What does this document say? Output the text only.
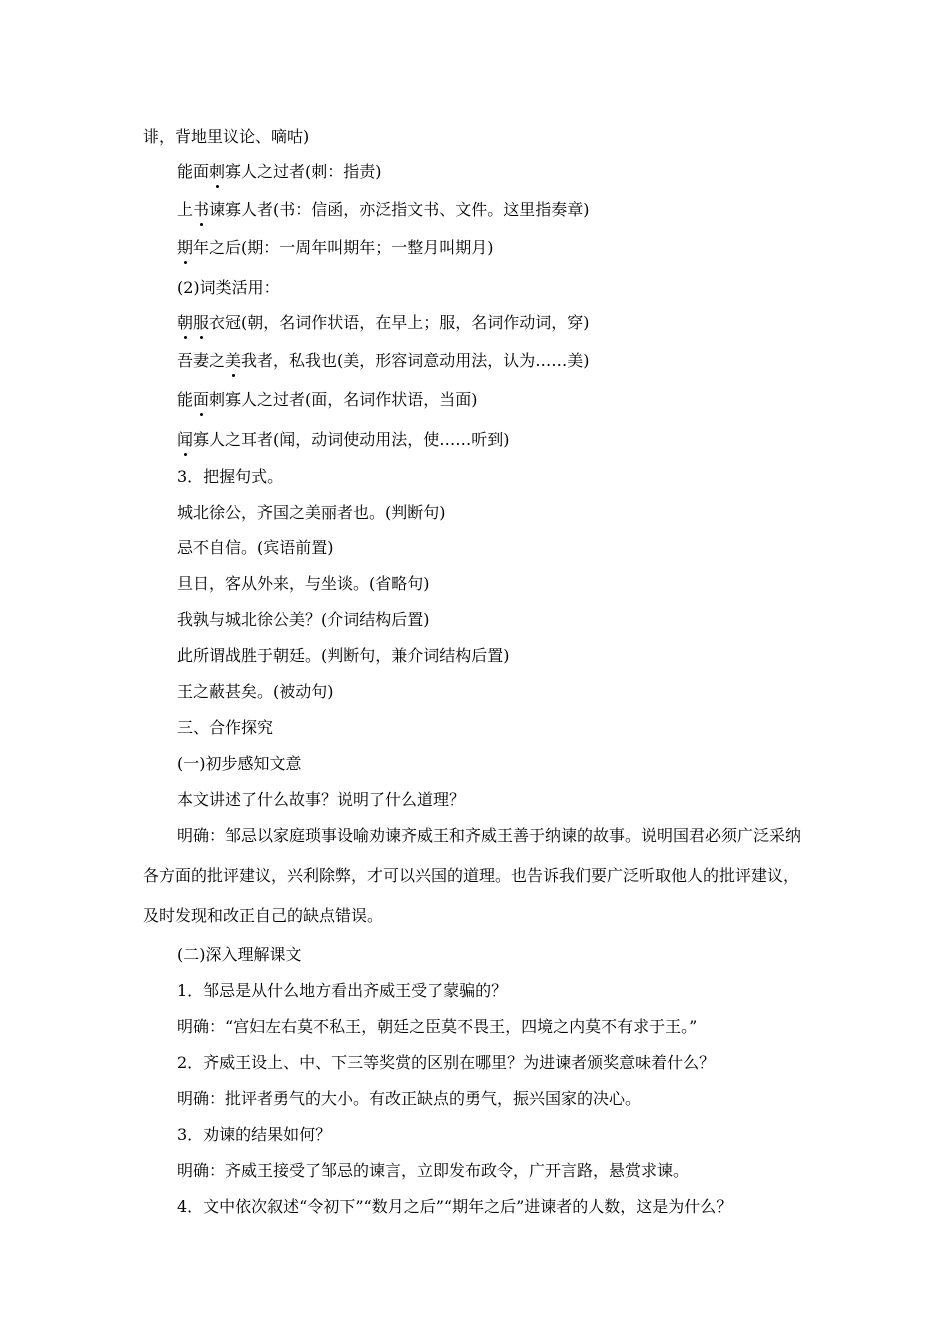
诽，背地里议论、嘀咕)
能面刺寡人之过者(刺：指责)
上书谏寡人者(书：信函，亦泛指文书、文件。这里指奏章)
期年之后(期：一周年叫期年；一整月叫期月)
(2)词类活用：
朝服衣冠(朝，名词作状语，在早上；服，名词作动词，穿)
吾妻之美我者，私我也(美，形容词意动用法，认为……美)
能面刺寡人之过者(面，名词作状语，当面)
闻寡人之耳者(闻，动词使动用法，使……听到)
3．把握句式。
城北徐公，齐国之美丽者也。(判断句)
忌不自信。(宾语前置)
旦日，客从外来，与坐谈。(省略句)
我孰与城北徐公美？(介词结构后置)
此所谓战胜于朝廷。(判断句，兼介词结构后置)
王之蔽甚矣。(被动句)
三、合作探究
(一)初步感知文意
本文讲述了什么故事？说明了什么道理？
明确：邹忌以家庭琐事设喻劝谏齐威王和齐威王善于纳谏的故事。说明国君必须广泛采纳各方面的批评建议，兴利除弊，才可以兴国的道理。也告诉我们要广泛听取他人的批评建议，及时发现和改正自己的缺点错误。
(二)深入理解课文
1．邹忌是从什么地方看出齐威王受了蒙骗的？
明确：“宫妇左右莫不私王，朝廷之臣莫不畏王，四境之内莫不有求于王。”
2．齐威王设上、中、下三等奖赏的区别在哪里？为进谏者颁奖意味着什么？
明确：批评者勇气的大小。有改正缺点的勇气，振兴国家的决心。
3．劝谏的结果如何？
明确：齐威王接受了邹忌的谏言，立即发布政令，广开言路，悬赏求谏。
4．文中依次叙述“令初下”“数月之后”“期年之后”进谏者的人数，这是为什么？
